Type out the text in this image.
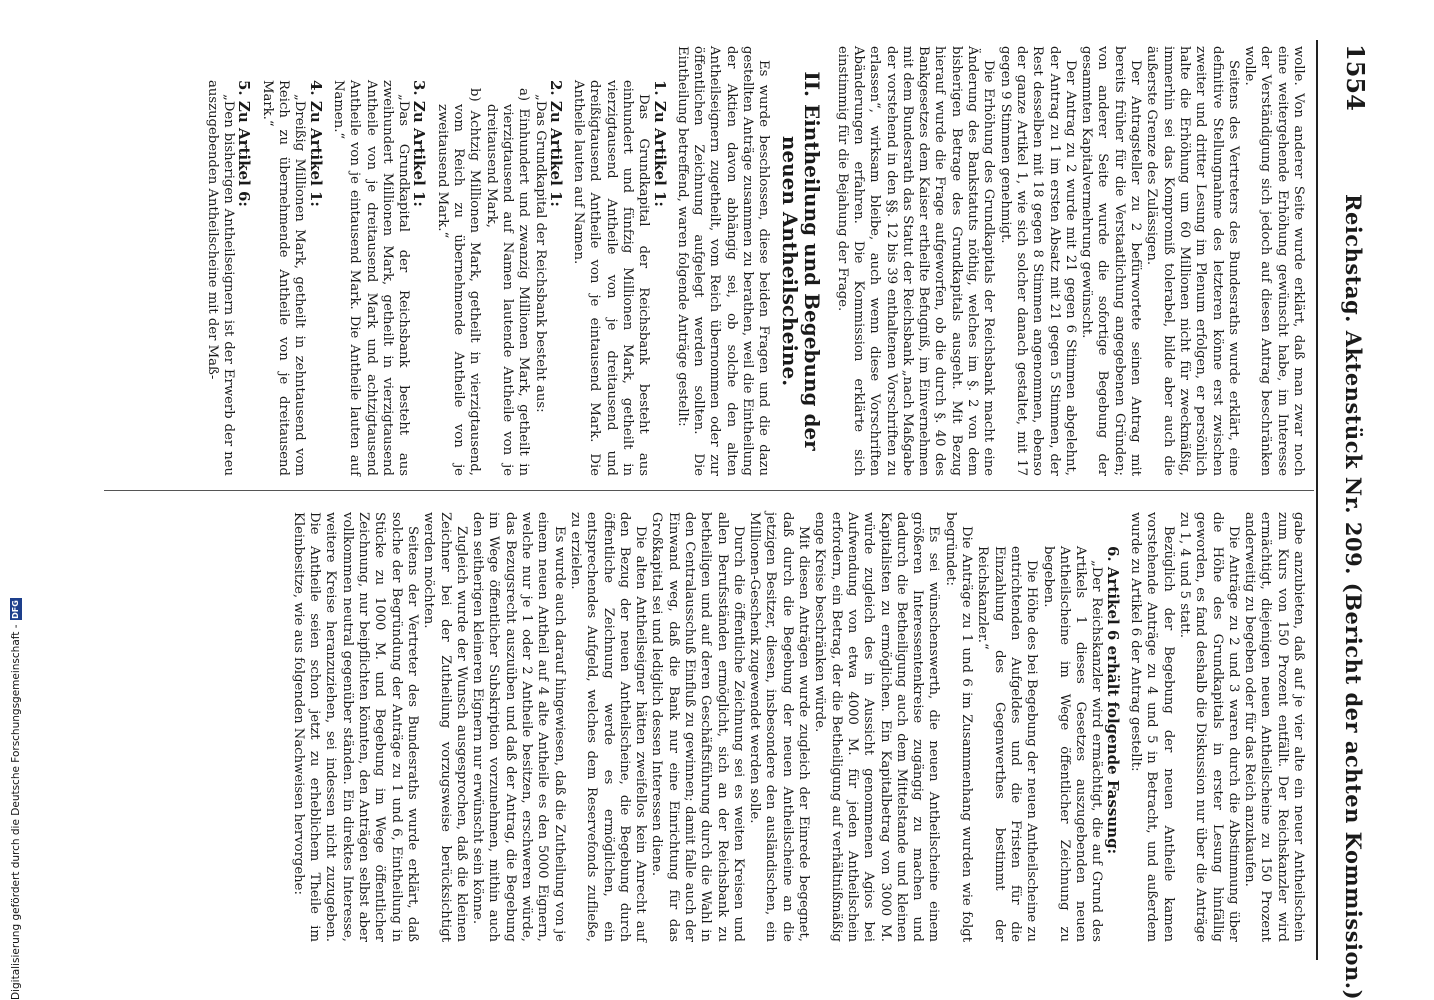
1554
Reichstag. Aktenstück Nr. 209. (Bericht der achten Kommission.)

wolle. Von anderer Seite wurde erklärt, daß man zwar noch eine weitergehende Erhöhung gewünscht habe, im Interesse der Verständigung sich jedoch auf diesen Antrag beschränken wolle.

Seitens des Vertreters des Bundesraths wurde erklärt, eine definitive Stellungnahme des letzteren könne erst zwischen zweiter und dritter Lesung im Plenum erfolgen, er persönlich halte die Erhöhung um 60 Millionen nicht für zweckmäßig, immerhin sei das Kompromiß tolerabel, bilde aber auch die äußerste Grenze des Zulässigen.

Der Antragsteller zu 2 befürwortete seinen Antrag mit bereits früher für die Verstaatlichung angegebenen Gründen; von anderer Seite wurde die sofortige Begebung der gesammten Kapitalvermehrung gewünscht.

Der Antrag zu 2 wurde mit 21 gegen 6 Stimmen abgelehnt, der Antrag zu 1 im ersten Absatz mit 21 gegen 5 Stimmen, der Rest desselben mit 18 gegen 8 Stimmen angenommen, ebenso der ganze Artikel 1, wie sich solcher danach gestaltet, mit 17 gegen 9 Stimmen genehmigt.

Die Erhöhung des Grundkapitals der Reichsbank macht eine Änderung des Bankstatuts nöthig, welches im §. 2 von dem bisherigen Betrage des Grundkapitals ausgeht. Mit Bezug hierauf wurde die Frage aufgeworfen, ob die durch §. 40 des Bankgesetzes dem Kaiser ertheilte Befugniß, im Einvernehmen mit dem Bundesrath das Statut der Reichsbank „nach Maßgabe der vorstehend in den §§. 12 bis 39 enthaltenen Vorschriften zu erlassen“, wirksam bleibe, auch wenn diese Vorschriften Abänderungen erfahren. Die Kommission erklärte sich einstimmig für die Bejahung der Frage.

II. Eintheilung und Begebung der neuen Antheilscheine.

Es wurde beschlossen, diese beiden Fragen und die dazu gestellten Anträge zusammen zu berathen, weil die Eintheilung der Aktien davon abhängig sei, ob solche den alten Antheilseignern zugetheilt, vom Reich übernommen oder zur öffentlichen Zeichnung aufgelegt werden sollten. Die Eintheilung betreffend, waren folgende Anträge gestellt:

1. Zu Artikel 1:

Das Grundkapital der Reichsbank besteht aus einhundert und fünfzig Millionen Mark, getheilt in vierzigtausend Antheile von je dreitausend und dreißigtausend Antheile von je eintausend Mark. Die Antheile lauten auf Namen.

2. Zu Artikel 1:

„Das Grundkapital der Reichsbank besteht aus:

a) Einhundert und zwanzig Millionen Mark, getheilt in vierzigtausend auf Namen lautende Antheile von je dreitausend Mark,

b) Achtzig Millionen Mark, getheilt in vierzigtausend, vom Reich zu übernehmende Antheile von je zweitausend Mark.“

3. Zu Artikel 1:

„Das Grundkapital der Reichsbank besteht aus zweihundert Millionen Mark, getheilt in vierzigtausend Antheile von je dreitausend Mark und achtzigtausend Antheile von je eintausend Mark. Die Antheile lauten auf Namen.“

4. Zu Artikel 1:

„Dreißig Millionen Mark, getheilt in zehntausend vom Reich zu übernehmende Antheile von je dreitausend Mark.“

5. Zu Artikel 6:

„Den bisherigen Antheilseignern ist der Erwerb der neu auszugebenden Antheilscheine mit der Maß-

gabe anzubieten, daß auf je vier alte ein neuer Antheilschein zum Kurs von 150 Prozent entfällt. Der Reichskanzler wird ermächtigt, diejenigen neuen Antheilscheine zu 150 Prozent anderweitig zu begeben oder für das Reich anzukaufen.

Die Anträge zu 2 und 3 waren durch die Abstimmung über die Höhe des Grundkapitals in erster Lesung hinfällig geworden, es fand deshalb die Diskussion nur über die Anträge zu 1, 4 und 5 statt.

Bezüglich der Begebung der neuen Antheile kamen vorstehende Anträge zu 4 und 5 in Betracht, und außerdem wurde zu Artikel 6 der Antrag gestellt:

6. Artikel 6 erhält folgende Fassung:

„Der Reichskanzler wird ermächtigt, die auf Grund des Artikels 1 dieses Gesetzes auszugebenden neuen Antheilscheine im Wege öffentlicher Zeichnung zu begeben.

Die Höhe des bei Begebung der neuen Antheilscheine zu entrichtenden Aufgeldes und die Fristen für die Einzahlung des Gegenwerthes bestimmt der Reichskanzler.“

Die Anträge zu 1 und 6 im Zusammenhang wurden wie folgt begründet:

Es sei wünschenswerth, die neuen Antheilscheine einem größeren Interessentenkreise zugängig zu machen und dadurch die Betheiligung auch dem Mittelstande und kleinen Kapitalisten zu ermöglichen. Ein Kapitalbetrag von 3000 M. würde zugleich des in Aussicht genommenen Agios bei Aufwendung von etwa 4000 M. für jeden Antheilschein erfordern, ein Betrag, der die Betheiligung auf verhältnißmäßig enge Kreise beschränken würde.

Mit diesen Anträgen wurde zugleich der Einrede begegnet, daß durch die Begebung der neuen Antheilscheine an die jetzigen Besitzer, diesen, insbesondere den ausländischen, ein Millionen-Geschenk zugewendet werden solle.

Durch die öffentliche Zeichnung sei es weiten Kreisen und allen Berufsständen ermöglicht, sich an der Reichsbank zu betheiligen und auf deren Geschäftsführung durch die Wahl in den Centralausschuß Einfluß zu gewinnen; damit falle auch der Einwand weg, daß die Bank nur eine Einrichtung für das Großkapital sei und lediglich dessen Interessen diene.

Die alten Antheilseigner hätten zweifellos kein Anrecht auf den Bezug der neuen Antheilscheine, die Begebung durch öffentliche Zeichnung werde es ermöglichen, ein entsprechendes Aufgeld, welches dem Reservefonds zufließe, zu erzielen.

Es wurde auch darauf hingewiesen, daß die Zutheilung von je einem neuen Antheil auf 4 alte Antheile es den 5000 Eignern, welche nur je 1 oder 2 Antheile besitzen, erschweren würde, das Bezugsrecht auszuüben und daß der Antrag, die Begebung im Wege öffentlicher Subskription vorzunehmen, mithin auch den seitherigen kleineren Eignern nur erwünscht sein könne.

Zugleich wurde der Wunsch ausgesprochen, daß die kleinen Zeichner bei der Zutheilung vorzugsweise berücksichtigt werden möchten.

Seitens der Vertreter des Bundesraths wurde erklärt, daß solche der Begründung der Anträge zu 1 und 6, Eintheilung in Stücke zu 1000 M. und Begebung im Wege öffentlicher Zeichnung, nur beipflichten könnten, den Anträgen selbst aber vollkommen neutral gegenüber ständen. Ein direktes Interesse, weitere Kreise heranzuziehen, sei indessen nicht zuzugeben. Die Antheile seien schon jetzt zu erheblichem Theile im Kleinbesitze, wie aus folgenden Nachweisen hervorgehe:

Digitalisierung gefördert durch die Deutsche Forschungsgemeinschaft -
DFG
